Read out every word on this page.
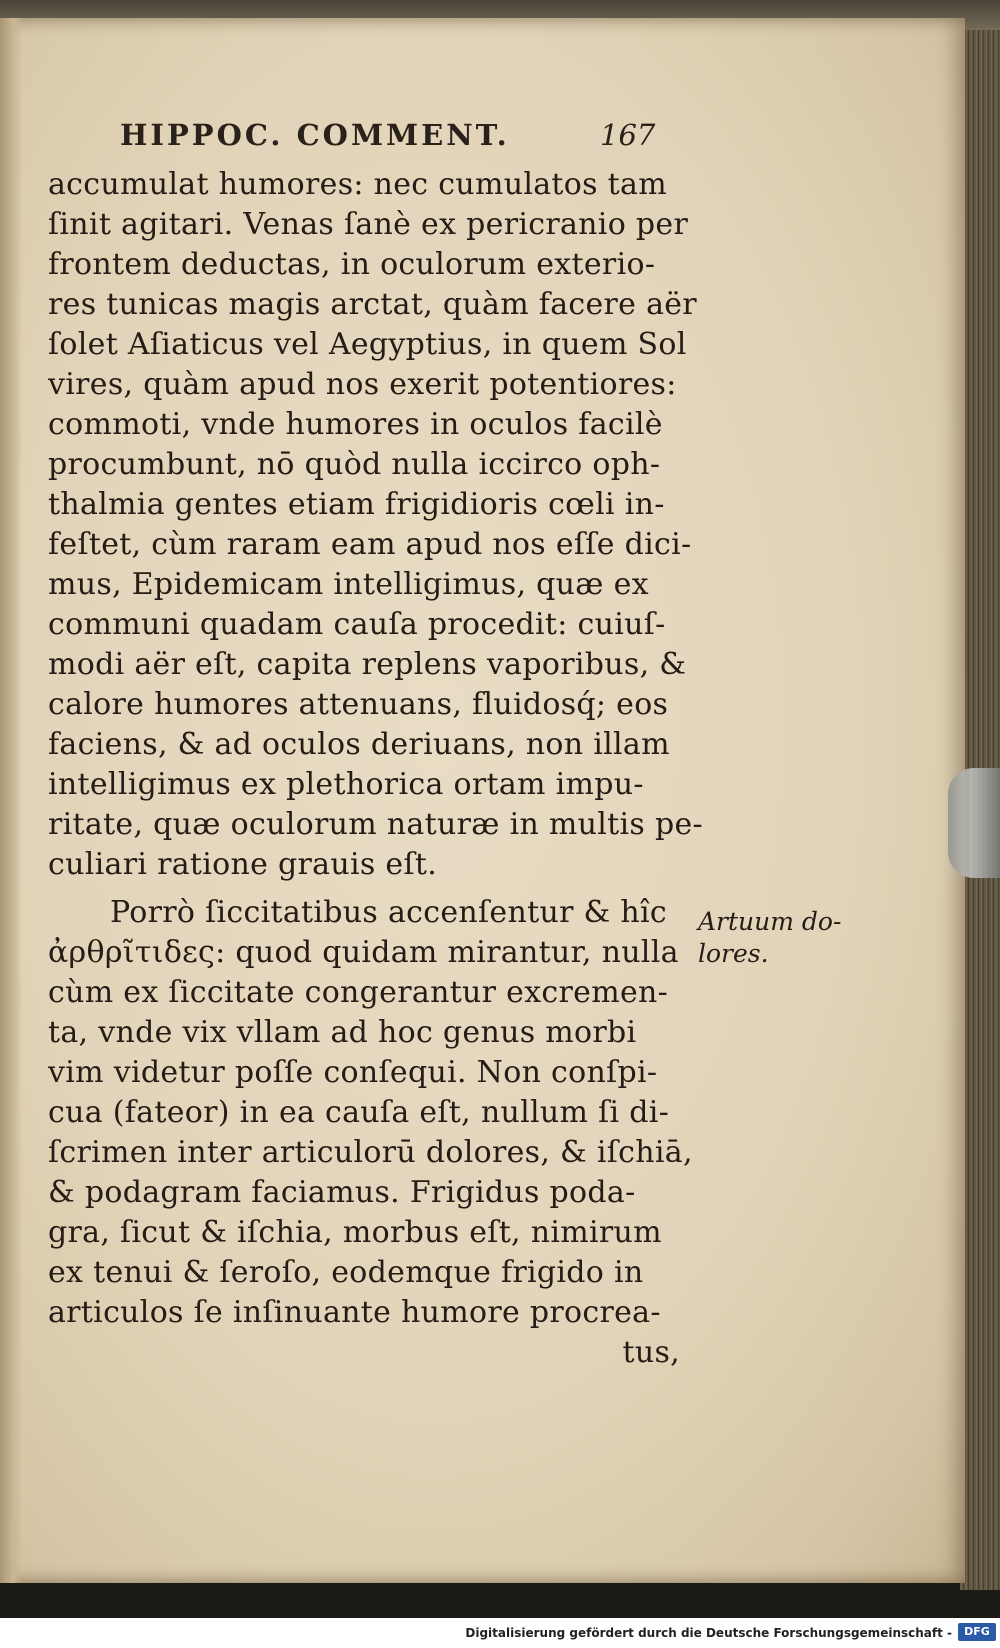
HIPPOC. COMMENT.	167
accumulat humores: nec cumulatos tam
ſinit agitari. Venas ſanè ex pericranio per
frontem deductas, in oculorum exterio-
res tunicas magis arctat, quàm facere aër
ſolet Aſiaticus vel Aegyptius, in quem Sol
vires, quàm apud nos exerit potentiores:
commoti, vnde humores in oculos facilè
procumbunt, nō quòd nulla iccirco oph-
thalmia gentes etiam frigidioris cœli in-
feſtet, cùm raram eam apud nos eſſe dici-
mus, Epidemicam intelligimus, quæ ex
communi quadam cauſa procedit: cuiuſ-
modi aër eſt, capita replens vaporibus, &
calore humores attenuans, fluidosq́; eos
faciens, & ad oculos deriuans, non illam
intelligimus ex plethorica ortam impu-
ritate, quæ oculorum naturæ in multis pe-
culiari ratione grauis eſt.
Porrò ſiccitatibus accenſentur & hîc
ἀρθρῖτιδες: quod quidam mirantur, nulla
cùm ex ſiccitate congerantur excremen-
ta, vnde vix vllam ad hoc genus morbi
vim videtur poſſe conſequi. Non conſpi-
cua (fateor) in ea cauſa eſt, nullum ſi di-
ſcrimen inter articulorū dolores, & iſchiā,
& podagram faciamus. Frigidus poda-
gra, ſicut & iſchia, morbus eſt, nimirum
ex tenui & ſeroſo, eodemque frigido in
articulos ſe inſinuante humore procrea-
tus,
Artuum do-
lores.
Digitalisierung gefördert durch die Deutsche Forschungsgemeinschaft -	DFG
